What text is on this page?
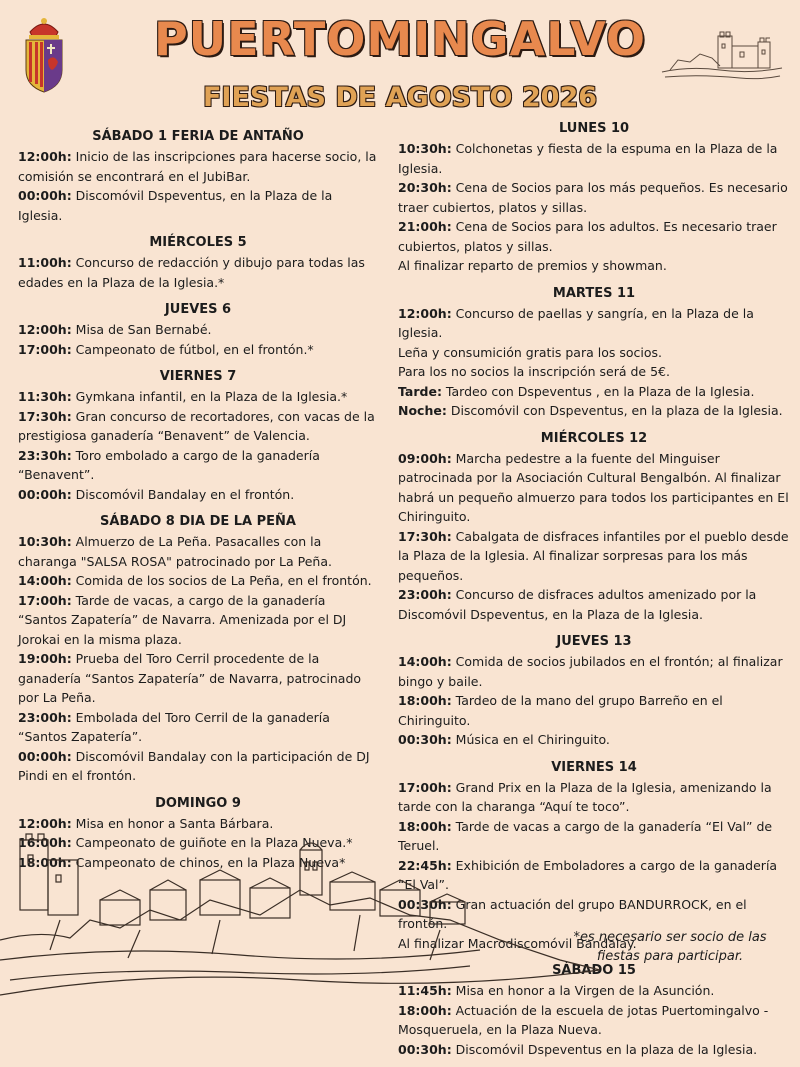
PUERTOMINGALVO
FIESTAS DE AGOSTO 2026
SÁBADO 1 FERIA DE ANTAÑO
12:00h: Inicio de las inscripciones para hacerse socio, la comisión se encontrará en el JubiBar.
00:00h: Discomóvil Dspeventus, en la Plaza de la Iglesia.
MIÉRCOLES 5
11:00h: Concurso de redacción y dibujo para todas las edades en la Plaza de la Iglesia.*
JUEVES 6
12:00h: Misa de San Bernabé.
17:00h: Campeonato de fútbol, en el frontón.*
VIERNES 7
11:30h: Gymkana infantil, en la Plaza de la Iglesia.*
17:30h: Gran concurso de recortadores, con vacas de la prestigiosa ganadería “Benavent” de Valencia.
23:30h: Toro embolado a cargo de la ganadería “Benavent”.
00:00h: Discomóvil Bandalay en el frontón.
SÁBADO 8 DIA DE LA PEÑA
10:30h: Almuerzo de La Peña. Pasacalles con la charanga "SALSA ROSA" patrocinado por La Peña.
14:00h: Comida de los socios de La Peña, en el frontón.
17:00h: Tarde de vacas, a cargo de la ganadería “Santos Zapatería” de Navarra. Amenizada por el DJ Jorokai en la misma plaza.
19:00h: Prueba del Toro Cerril procedente de la ganadería “Santos Zapatería” de Navarra, patrocinado por La Peña.
23:00h: Embolada del Toro Cerril de la ganadería “Santos Zapatería”.
00:00h: Discomóvil Bandalay con la participación de DJ Pindi en el frontón.
DOMINGO 9
12:00h: Misa en honor a Santa Bárbara.
16:00h: Campeonato de guiñote en la Plaza Nueva.*
18:00h: Campeonato de chinos, en la Plaza Nueva*
LUNES 10
10:30h: Colchonetas y fiesta de la espuma en la Plaza de la Iglesia.
20:30h: Cena de Socios para los más pequeños. Es necesario traer cubiertos, platos y sillas.
21:00h: Cena de Socios para los adultos. Es necesario traer cubiertos, platos y sillas.
Al finalizar reparto de premios y showman.
MARTES 11
12:00h: Concurso de paellas y sangría, en la Plaza de la Iglesia.
Leña y consumición gratis para los socios.
Para los no socios la inscripción será de 5€.
Tarde: Tardeo con Dspeventus , en la Plaza de la Iglesia.
Noche: Discomóvil con Dspeventus, en la plaza de la Iglesia.
MIÉRCOLES 12
09:00h: Marcha pedestre a la fuente del Minguiser patrocinada por la Asociación Cultural Bengalbón. Al finalizar habrá un pequeño almuerzo para todos los participantes en El Chiringuito.
17:30h: Cabalgata de disfraces infantiles por el pueblo desde la Plaza de la Iglesia. Al finalizar sorpresas para los más pequeños.
23:00h: Concurso de disfraces adultos amenizado por la Discomóvil Dspeventus, en la Plaza de la Iglesia.
JUEVES 13
14:00h: Comida de socios jubilados en el frontón; al finalizar bingo y baile.
18:00h: Tardeo de la mano del grupo Barreño en el Chiringuito.
00:30h: Música en el Chiringuito.
VIERNES 14
17:00h: Grand Prix en la Plaza de la Iglesia, amenizando la tarde con la charanga “Aquí te toco”.
18:00h: Tarde de vacas a cargo de la ganadería “El Val” de Teruel.
22:45h: Exhibición de Emboladores a cargo de la ganadería “El Val”.
00:30h: Gran actuación del grupo BANDURROCK, en el frontón.
Al finalizar Macrodiscomóvil Bandalay.
SÁBADO 15
11:45h: Misa en honor a la Virgen de la Asunción.
18:00h: Actuación de la escuela de jotas Puertomingalvo - Mosqueruela, en la Plaza Nueva.
00:30h: Discomóvil Dspeventus en la plaza de la Iglesia.
*es necesario ser socio de las fiestas para participar.
